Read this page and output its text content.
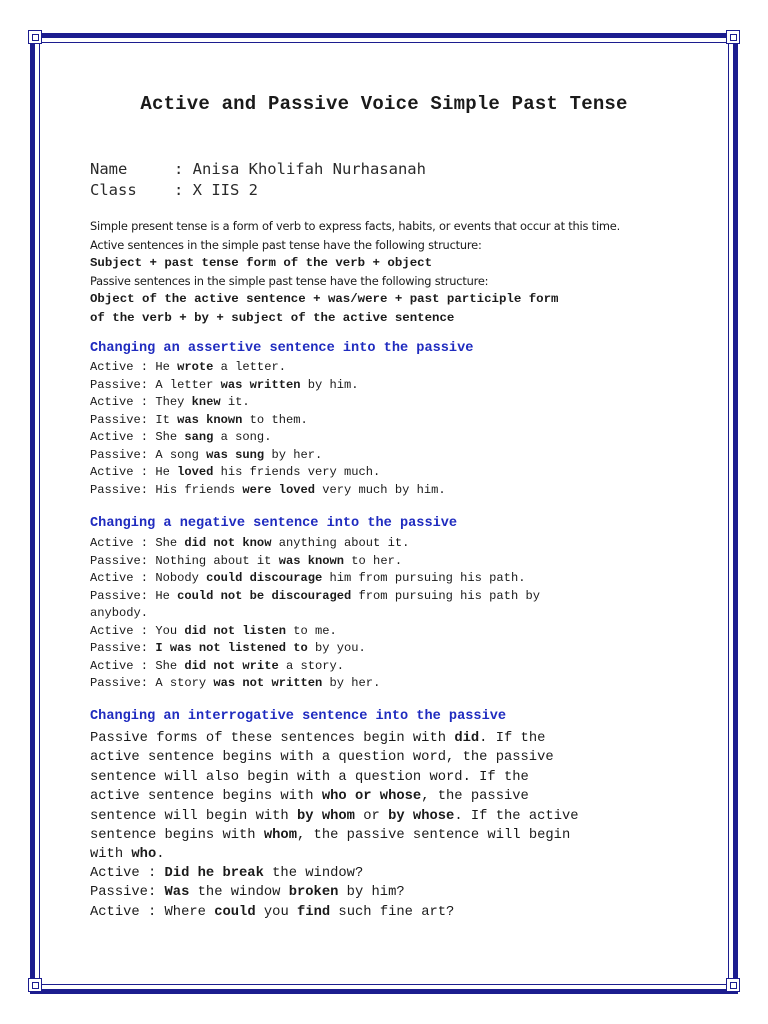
Active and Passive Voice Simple Past Tense
Name     : Anisa Kholifah Nurhasanah
Class    : X IIS 2
Simple present tense is a form of verb to express facts, habits, or events that occur at this time.
Active sentences in the simple past tense have the following structure:
Subject + past tense form of the verb + object
Passive sentences in the simple past tense have the following structure:
Object of the active sentence + was/were + past participle form
of the verb + by + subject of the active sentence
Changing an assertive sentence into the passive
Active : He wrote a letter.
Passive: A letter was written by him.
Active : They knew it.
Passive: It was known to them.
Active : She sang a song.
Passive: A song was sung by her.
Active : He loved his friends very much.
Passive: His friends were loved very much by him.
Changing a negative sentence into the passive
Active : She did not know anything about it.
Passive: Nothing about it was known to her.
Active : Nobody could discourage him from pursuing his path.
Passive: He could not be discouraged from pursuing his path by
anybody.
Active : You did not listen to me.
Passive: I was not listened to by you.
Active : She did not write a story.
Passive: A story was not written by her.
Changing an interrogative sentence into the passive
Passive forms of these sentences begin with did. If the
active sentence begins with a question word, the passive
sentence will also begin with a question word. If the
active sentence begins with who or whose, the passive
sentence will begin with by whom or by whose. If the active
sentence begins with whom, the passive sentence will begin
with who.
Active : Did he break the window?
Passive: Was the window broken by him?
Active : Where could you find such fine art?
